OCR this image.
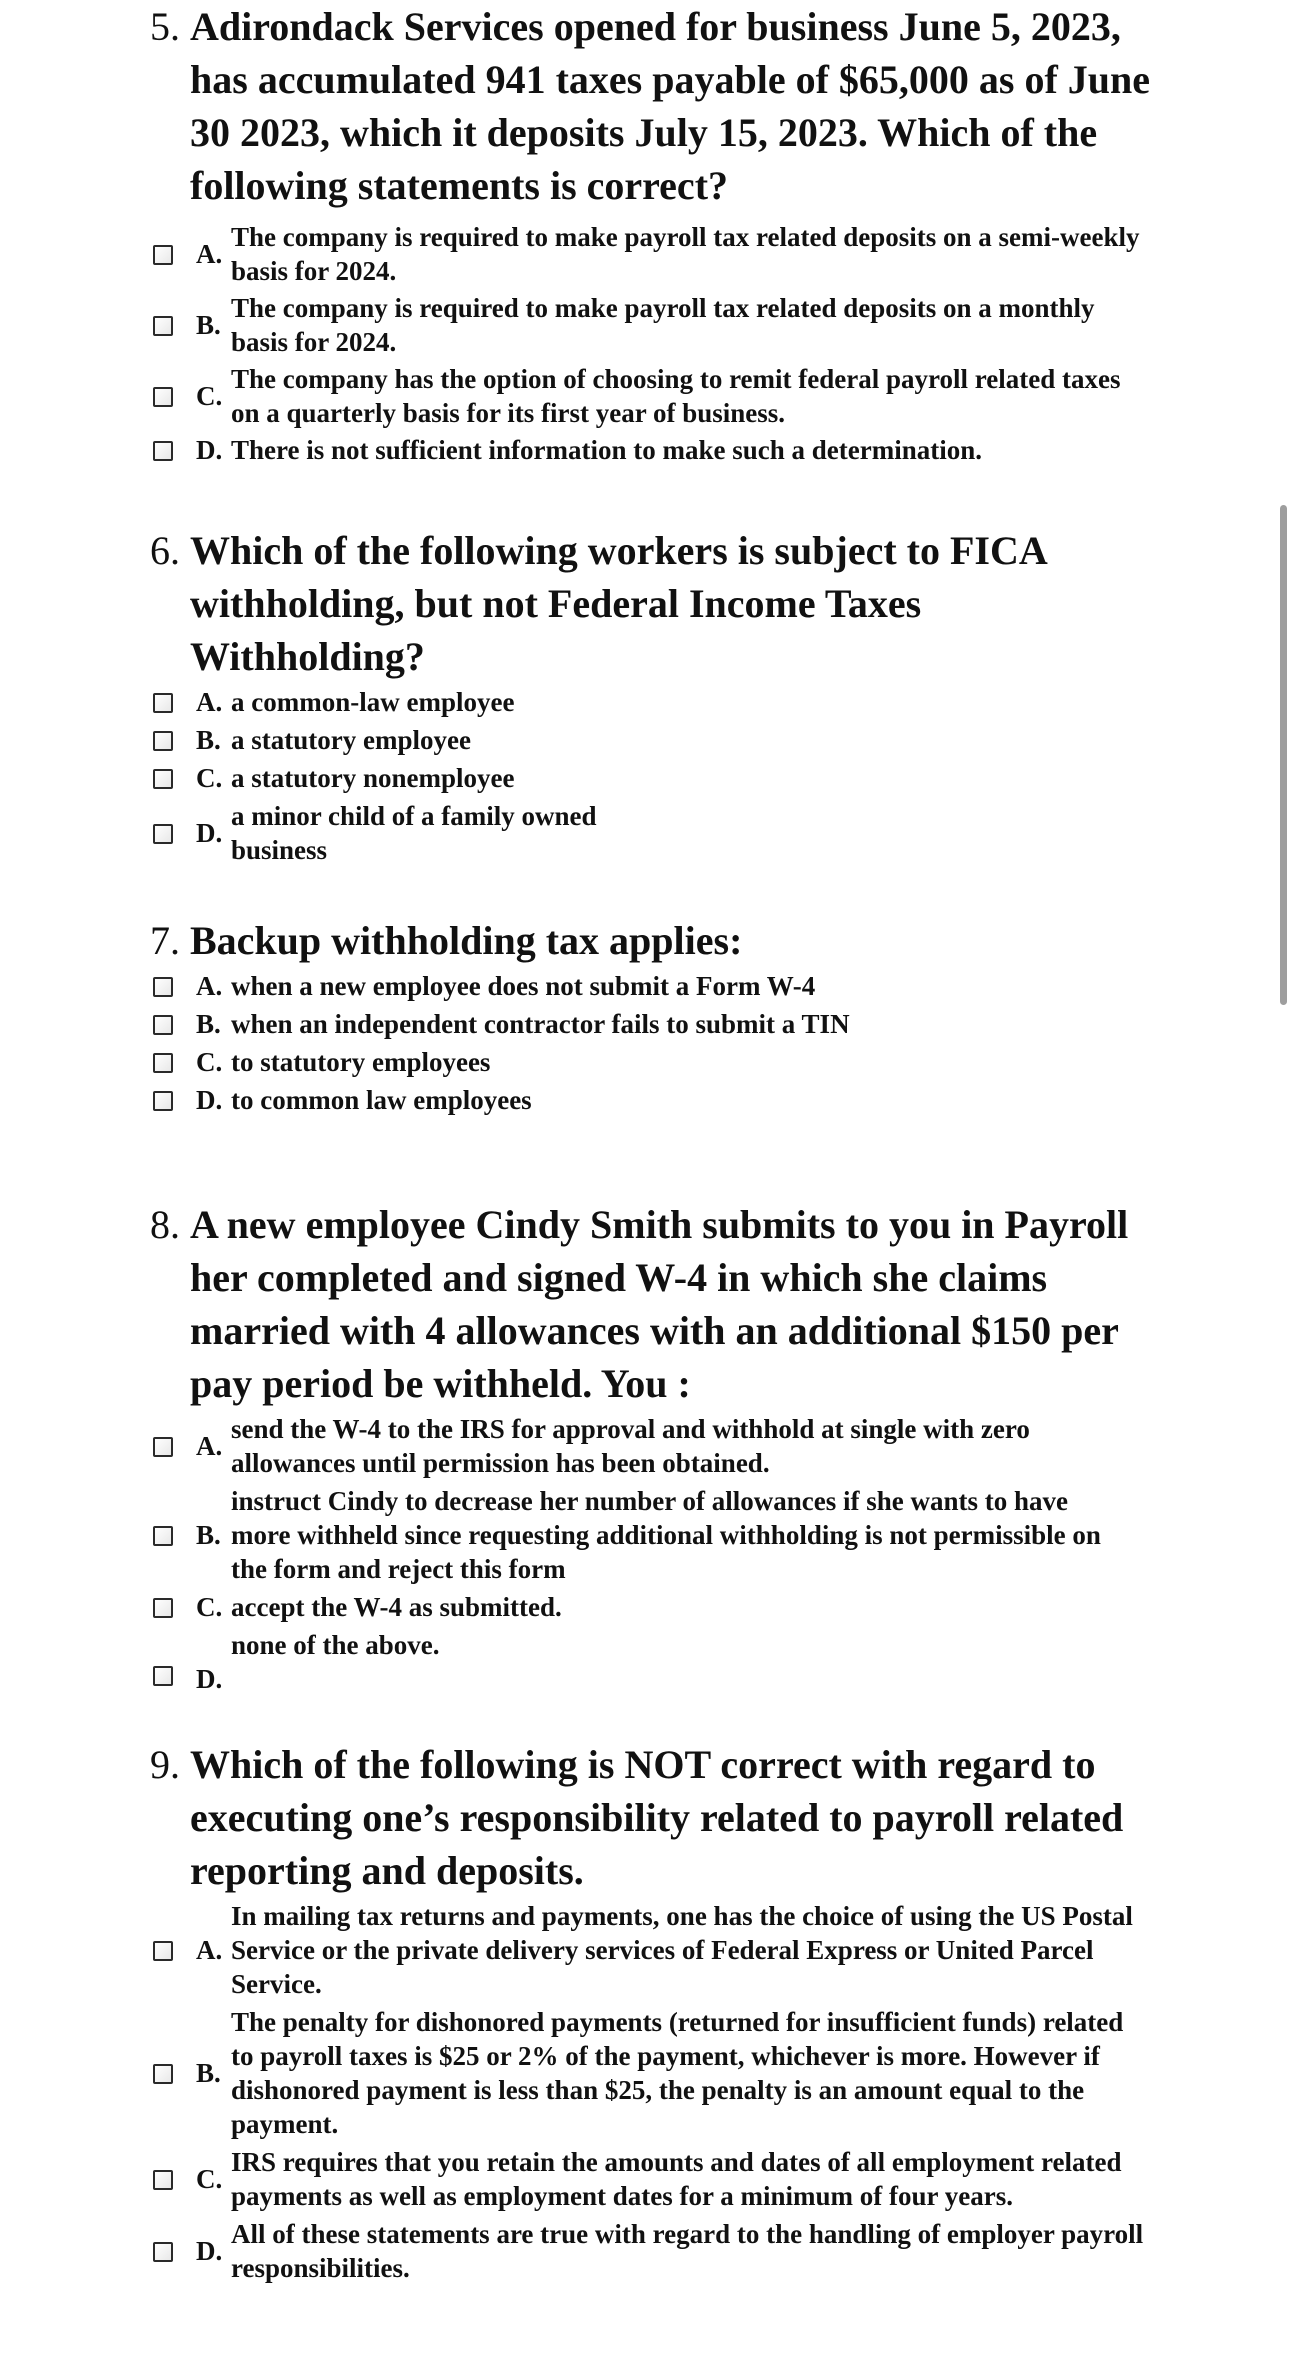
5. Adirondack Services opened for business June 5, 2023, has accumulated 941 taxes payable of $65,000 as of June 30 2023, which it deposits July 15, 2023. Which of the following statements is correct?
A.
The company is required to make payroll tax related deposits on a semi-weekly basis for 2024.
B.
The company is required to make payroll tax related deposits on a monthly basis for 2024.
C.
The company has the option of choosing to remit federal payroll related taxes on a quarterly basis for its first year of business.
D. There is not sufficient information to make such a determination.
6. Which of the following workers is subject to FICA withholding, but not Federal Income Taxes Withholding?
A. a common-law employee
B. a statutory employee
C. a statutory nonemployee
D.
a minor child of a family owned business
7. Backup withholding tax applies:
A. when a new employee does not submit a Form W-4
B. when an independent contractor fails to submit a TIN
C. to statutory employees
D. to common law employees
8. A new employee Cindy Smith submits to you in Payroll her completed and signed W-4 in which she claims married with 4 allowances with an additional $150 per pay period be withheld. You :
A.
send the W-4 to the IRS for approval and withhold at single with zero allowances until permission has been obtained.
B.
instruct Cindy to decrease her number of allowances if she wants to have more withheld since requesting additional withholding is not permissible on the form and reject this form
C. accept the W-4 as submitted.
D.
none of the above.
9. Which of the following is NOT correct with regard to executing one’s responsibility related to payroll related reporting and deposits.
A.
In mailing tax returns and payments, one has the choice of using the US Postal Service or the private delivery services of Federal Express or United Parcel Service.
B.
The penalty for dishonored payments (returned for insufficient funds) related to payroll taxes is $25 or 2% of the payment, whichever is more. However if dishonored payment is less than $25, the penalty is an amount equal to the payment.
C.
IRS requires that you retain the amounts and dates of all employment related payments as well as employment dates for a minimum of four years.
D.
All of these statements are true with regard to the handling of employer payroll responsibilities.
